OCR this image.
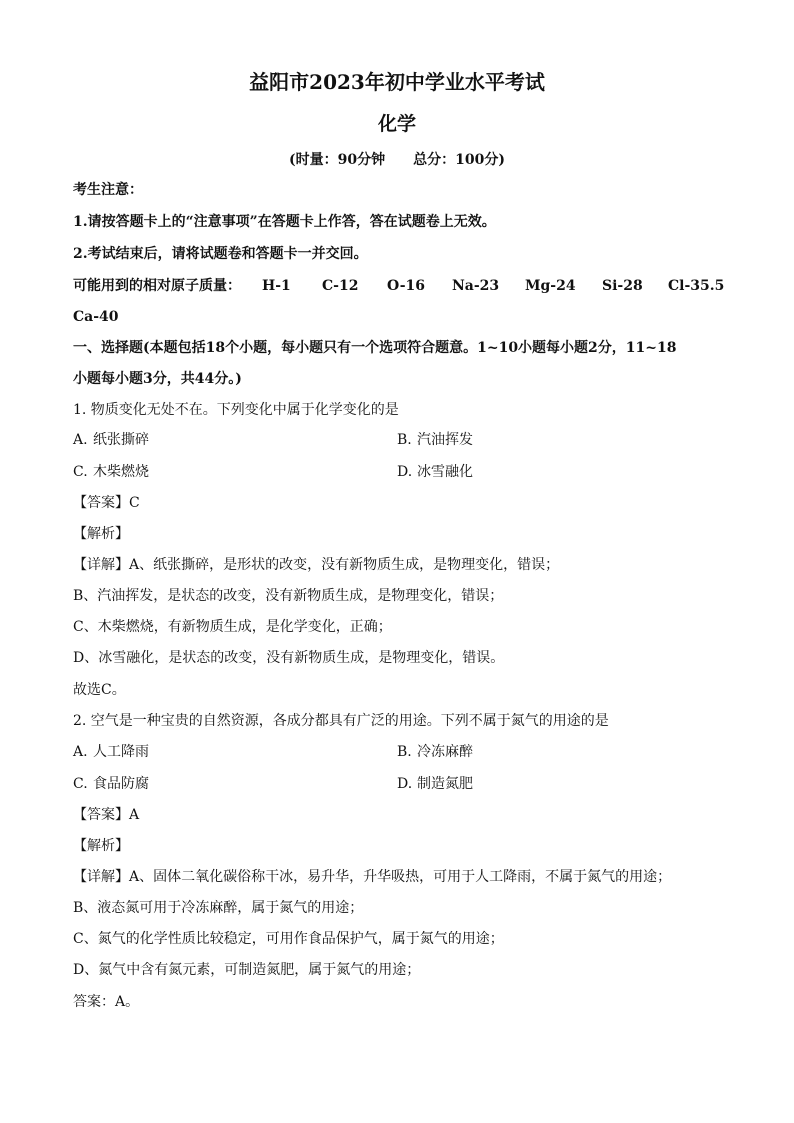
益阳市2023年初中学业水平考试
化学
(时量：90分钟 总分：100分)
考生注意：
1.请按答题卡上的“注意事项”在答题卡上作答，答在试题卷上无效。
2.考试结束后，请将试题卷和答题卡一并交回。
可能用到的相对原子质量： H-1 C-12 O-16 Na-23 Mg-24 Si-28 Cl-35.5
Ca-40
一、选择题(本题包括18个小题，每小题只有一个选项符合题意。1~10小题每小题2分，11~18
小题每小题3分，共44分。)
1. 物质变化无处不在。下列变化中属于化学变化的是
A. 纸张撕碎	B. 汽油挥发
C. 木柴燃烧	D. 冰雪融化
【答案】C
【解析】
【详解】A、纸张撕碎，是形状的改变，没有新物质生成，是物理变化，错误；
B、汽油挥发，是状态的改变，没有新物质生成，是物理变化，错误；
C、木柴燃烧，有新物质生成，是化学变化，正确；
D、冰雪融化，是状态的改变，没有新物质生成，是物理变化，错误。
故选C。
2. 空气是一种宝贵的自然资源，各成分都具有广泛的用途。下列不属于氮气的用途的是
A. 人工降雨	B. 冷冻麻醉
C. 食品防腐	D. 制造氮肥
【答案】A
【解析】
【详解】A、固体二氧化碳俗称干冰，易升华，升华吸热，可用于人工降雨，不属于氮气的用途；
B、液态氮可用于冷冻麻醉，属于氮气的用途；
C、氮气的化学性质比较稳定，可用作食品保护气，属于氮气的用途；
D、氮气中含有氮元素，可制造氮肥，属于氮气的用途；
答案：A。
